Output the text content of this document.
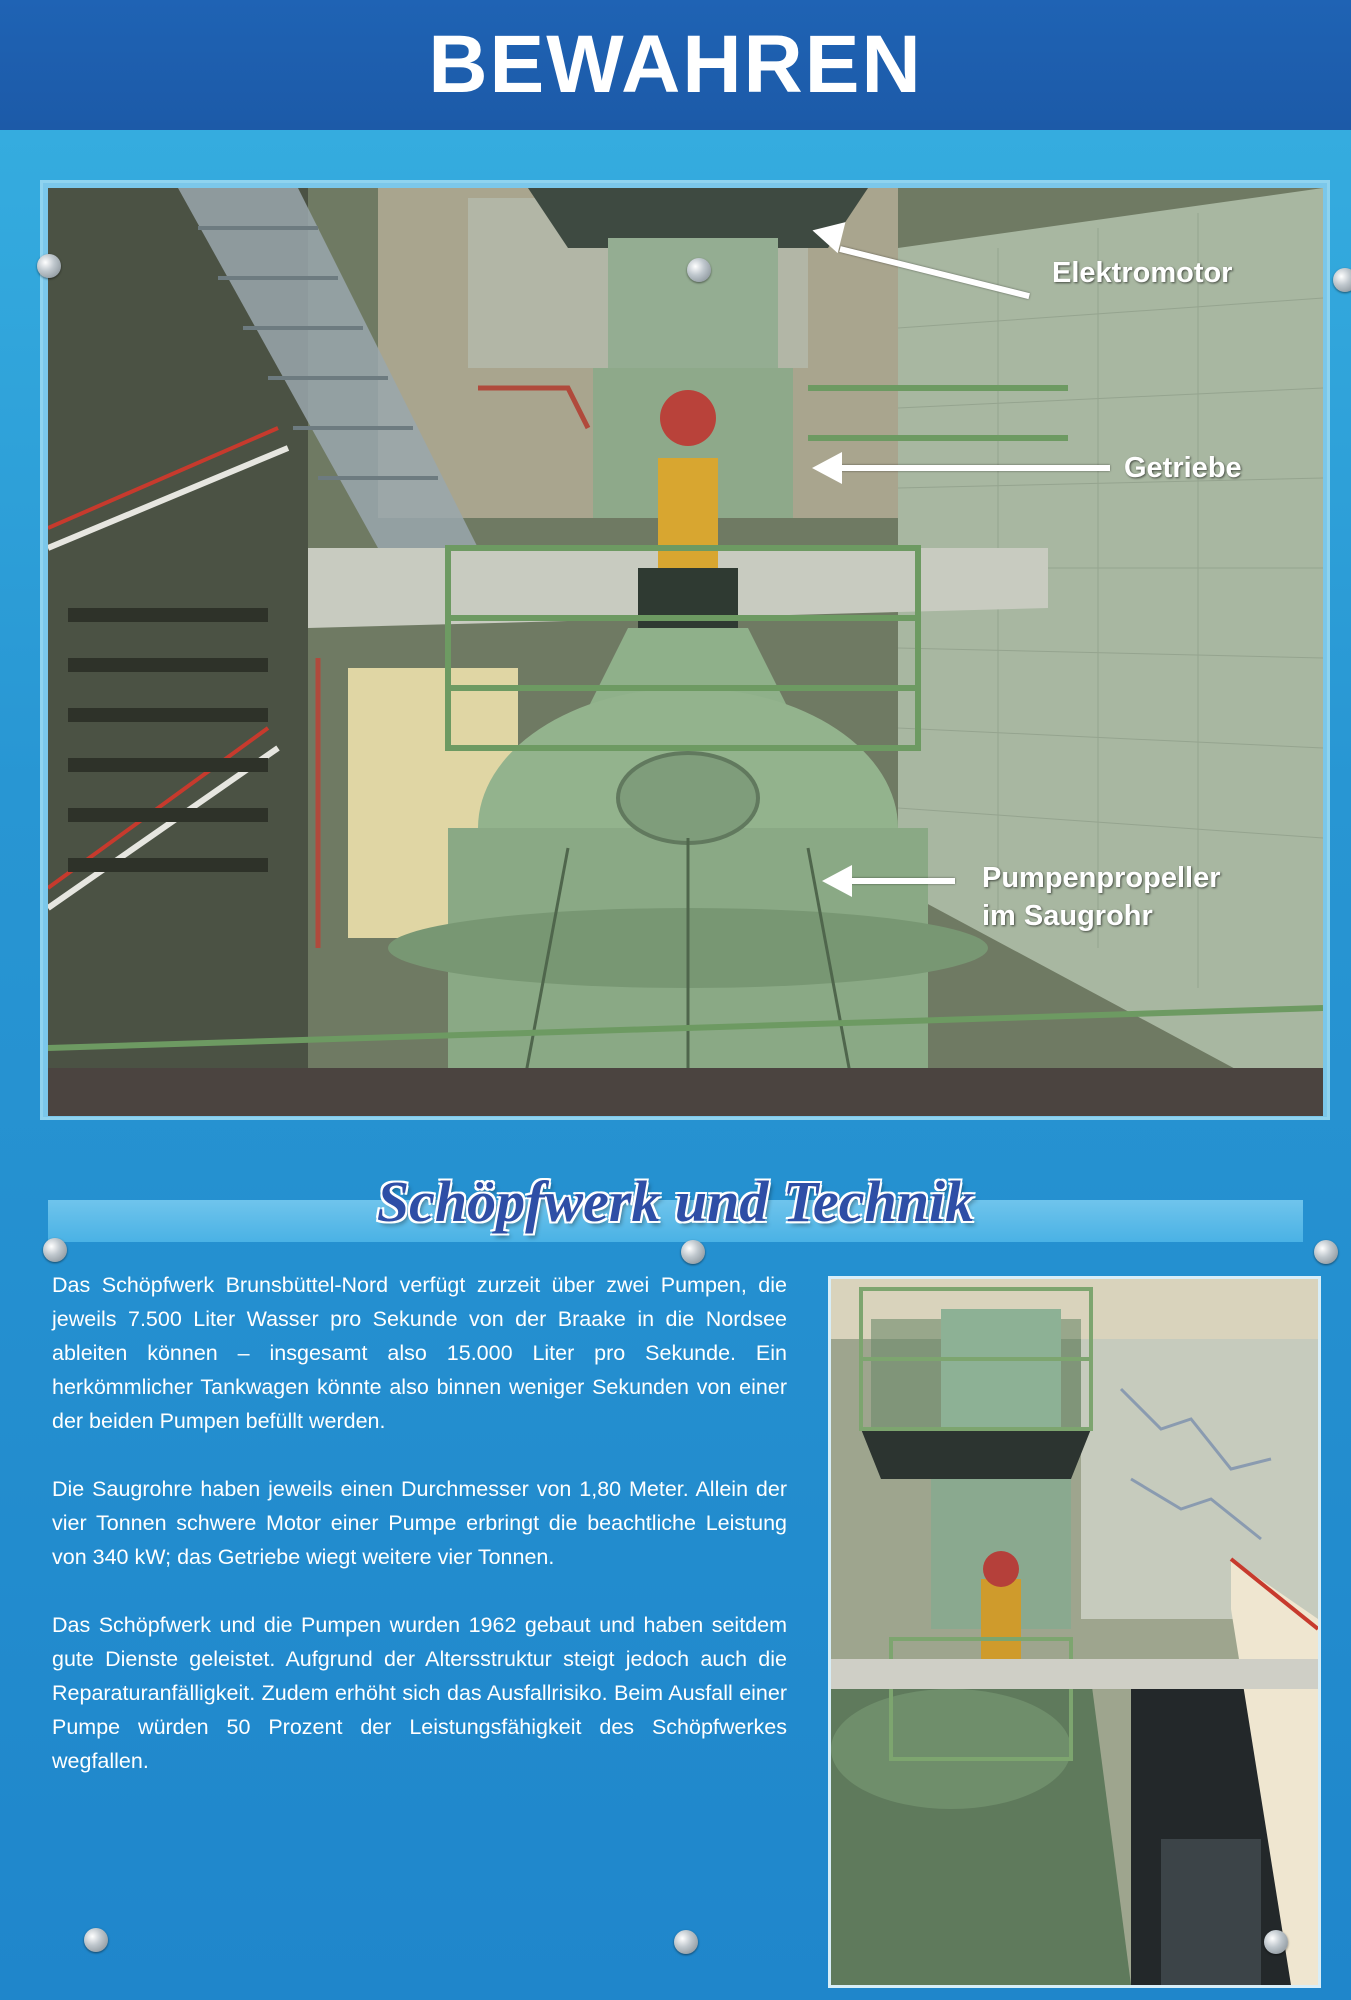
BEWAHREN
Elektromotor
Getriebe
Pumpenpropeller
im Saugrohr
Schöpfwerk und Technik

Das Schöpfwerk Brunsbüttel-Nord verfügt zurzeit über zwei Pumpen, die jeweils 7.500 Liter Wasser pro Sekunde von der Braake in die Nordsee ableiten können – insgesamt also 15.000 Liter pro Sekunde. Ein herkömmlicher Tankwagen könnte also binnen weniger Sekunden von einer der beiden Pumpen befüllt werden.

Die Saugrohre haben jeweils einen Durchmesser von 1,80 Meter. Allein der vier Tonnen schwere Motor einer Pumpe erbringt die beachtliche Leistung von 340 kW; das Getriebe wiegt weitere vier Tonnen.

Das Schöpfwerk und die Pumpen wurden 1962 gebaut und haben seitdem gute Dienste geleistet. Aufgrund der Altersstruktur steigt jedoch auch die Reparaturanfälligkeit. Zudem erhöht sich das Ausfallrisiko. Beim Ausfall einer Pumpe würden 50 Prozent der Leistungsfähigkeit des Schöpfwerkes wegfallen.
